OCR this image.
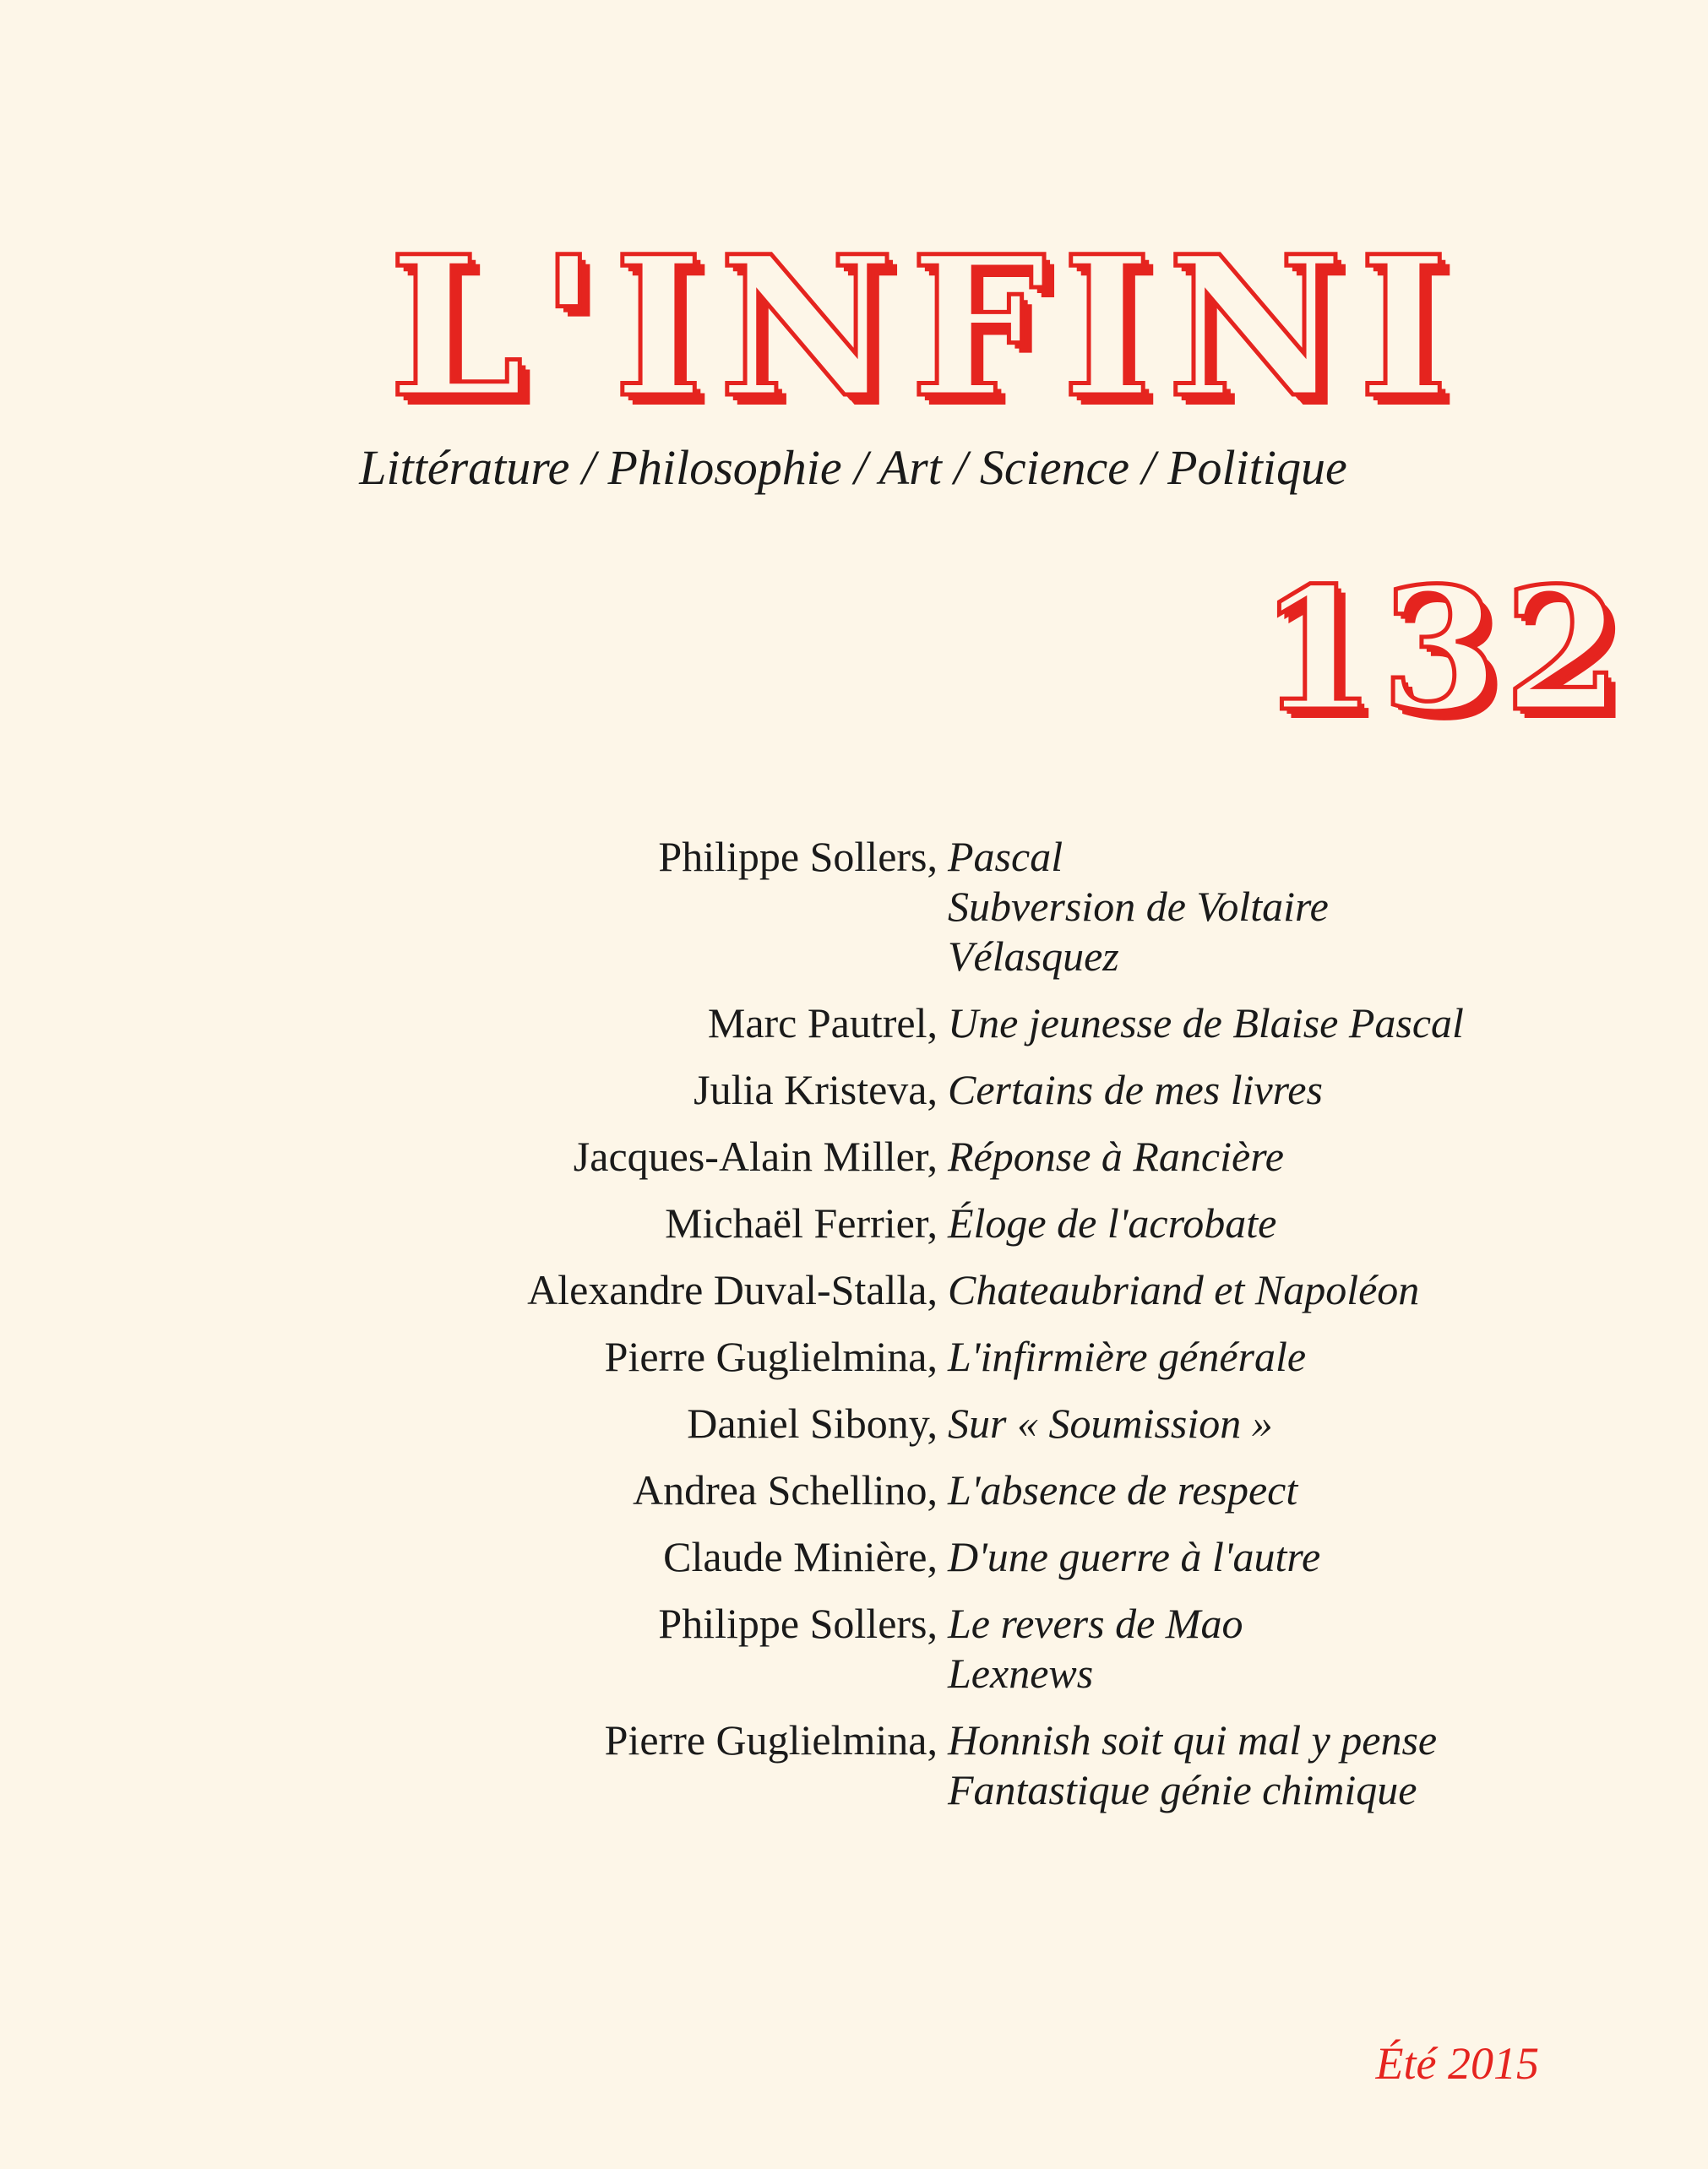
L'INFINI
Littérature / Philosophie / Art / Science / Politique
132
Philippe Sollers, Pascal
Subversion de Voltaire
Vélasquez
Marc Pautrel, Une jeunesse de Blaise Pascal
Julia Kristeva, Certains de mes livres
Jacques-Alain Miller, Réponse à Rancière
Michaël Ferrier, Éloge de l'acrobate
Alexandre Duval-Stalla, Chateaubriand et Napoléon
Pierre Guglielmina, L'infirmière générale
Daniel Sibony, Sur « Soumission »
Andrea Schellino, L'absence de respect
Claude Minière, D'une guerre à l'autre
Philippe Sollers, Le revers de Mao
Lexnews
Pierre Guglielmina, Honnish soit qui mal y pense
Fantastique génie chimique
Été 2015
